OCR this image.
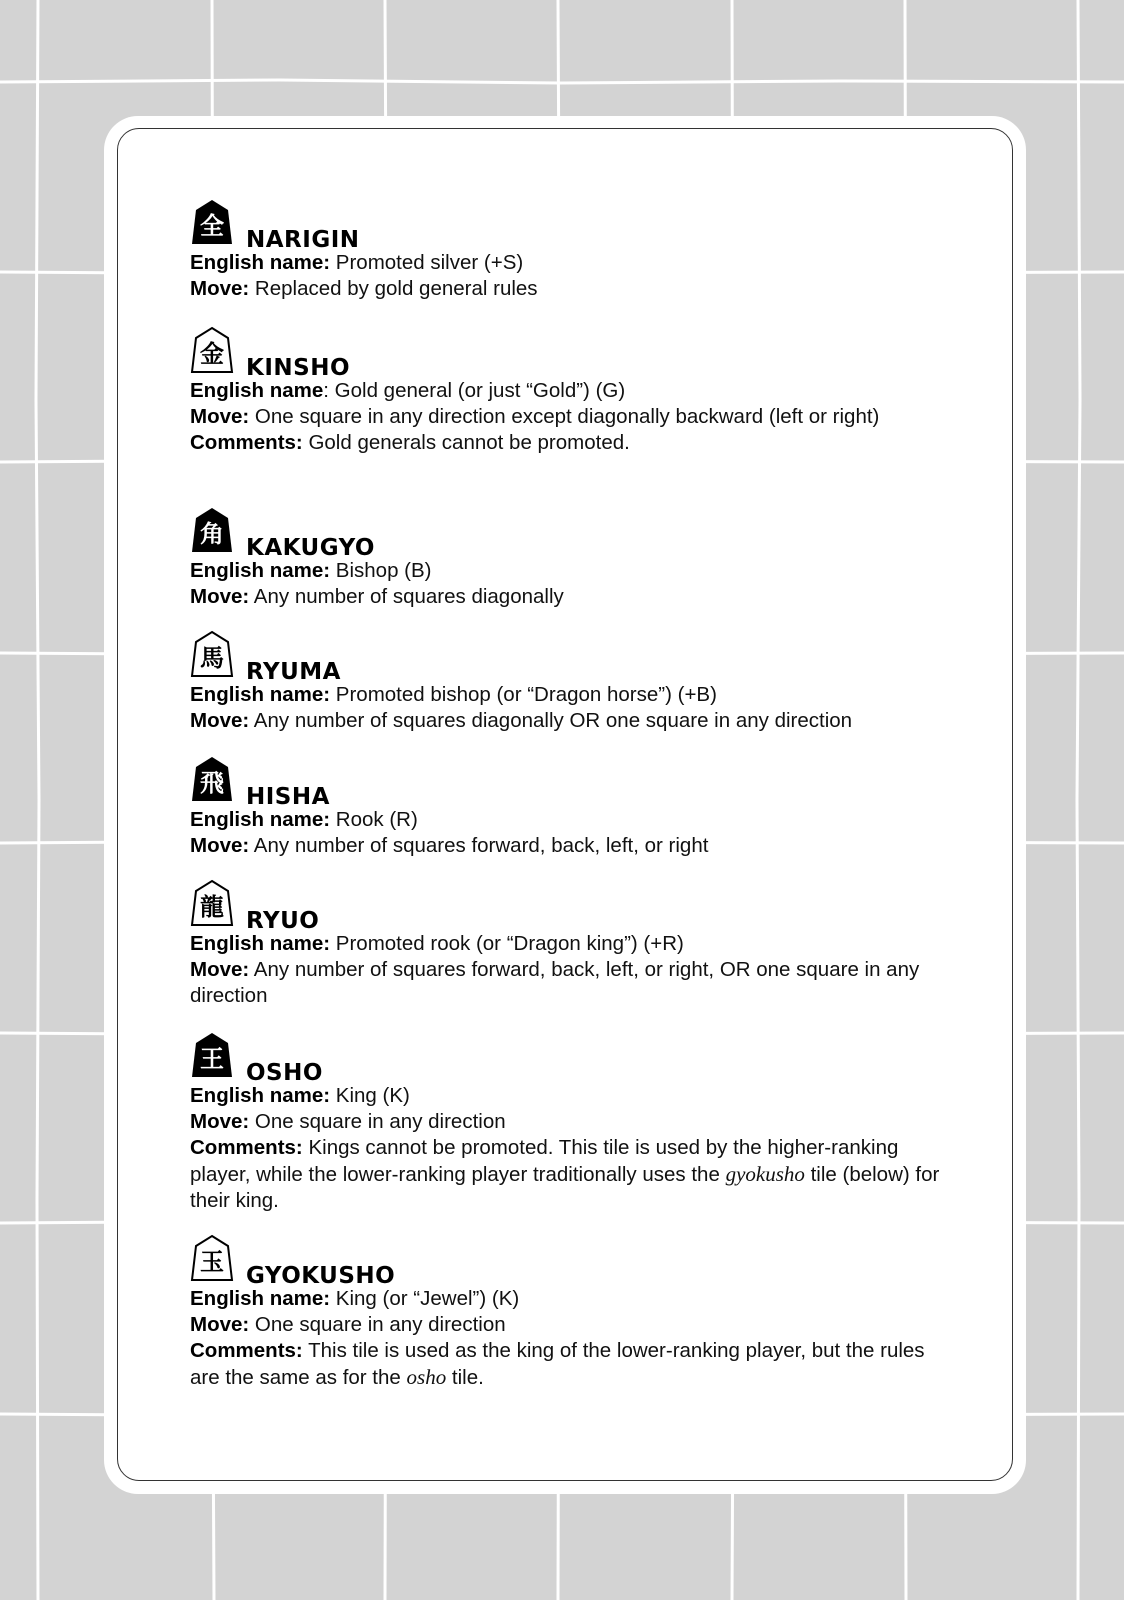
全 NARIGIN
English name: Promoted silver (+S)
Move: Replaced by gold general rules
金 KINSHO
English name: Gold general (or just “Gold”) (G)
Move: One square in any direction except diagonally backward (left or right)
Comments: Gold generals cannot be promoted.
角 KAKUGYO
English name: Bishop (B)
Move: Any number of squares diagonally
馬 RYUMA
English name: Promoted bishop (or “Dragon horse”) (+B)
Move: Any number of squares diagonally OR one square in any direction
飛 HISHA
English name: Rook (R)
Move: Any number of squares forward, back, left, or right
龍 RYUO
English name: Promoted rook (or “Dragon king”) (+R)
Move: Any number of squares forward, back, left, or right, OR one square in any direction
王 OSHO
English name: King (K)
Move: One square in any direction
Comments: Kings cannot be promoted. This tile is used by the higher-ranking player, while the lower-ranking player traditionally uses the gyokusho tile (below) for their king.
玉 GYOKUSHO
English name: King (or “Jewel”) (K)
Move: One square in any direction
Comments: This tile is used as the king of the lower-ranking player, but the rules are the same as for the osho tile.
